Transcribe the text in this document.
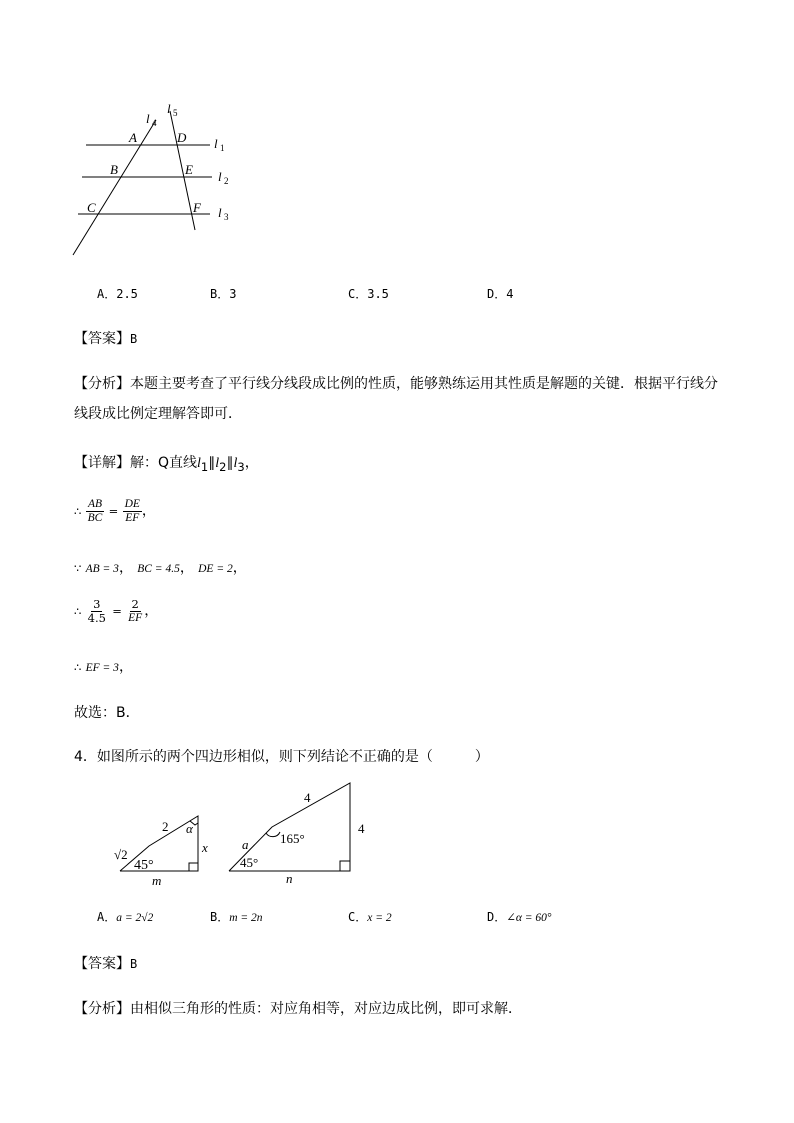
l 4
l 5
l 1
l 2
l 3
A
B
C
D
E
F
A．2.5	B．3	C．3.5	D．4
【答案】B
【分析】本题主要考查了平行线分线段成比例的性质，能够熟练运用其性质是解题的关键．根据平行线分
线段成比例定理解答即可．
【详解】解：Q直线$l_1\parallel l_2\parallel l_3$，
∴ $\frac{AB}{BC} = \frac{DE}{EF}$ ，
∵ AB = 3， BC = 4.5， DE = 2，
∴ $\frac{3}{4.5} = \frac{2}{EF}$ ，
∴ EF = 3，
故选：B．
4．如图所示的两个四边形相似，则下列结论不正确的是（　　　）
2 α
x
√2
45°
m
4
4
165°
a
45°
n
A．a = 2√2	B．m = 2n	C．x = 2	D．∠α = 60°
【答案】B
【分析】由相似三角形的性质：对应角相等，对应边成比例，即可求解．
